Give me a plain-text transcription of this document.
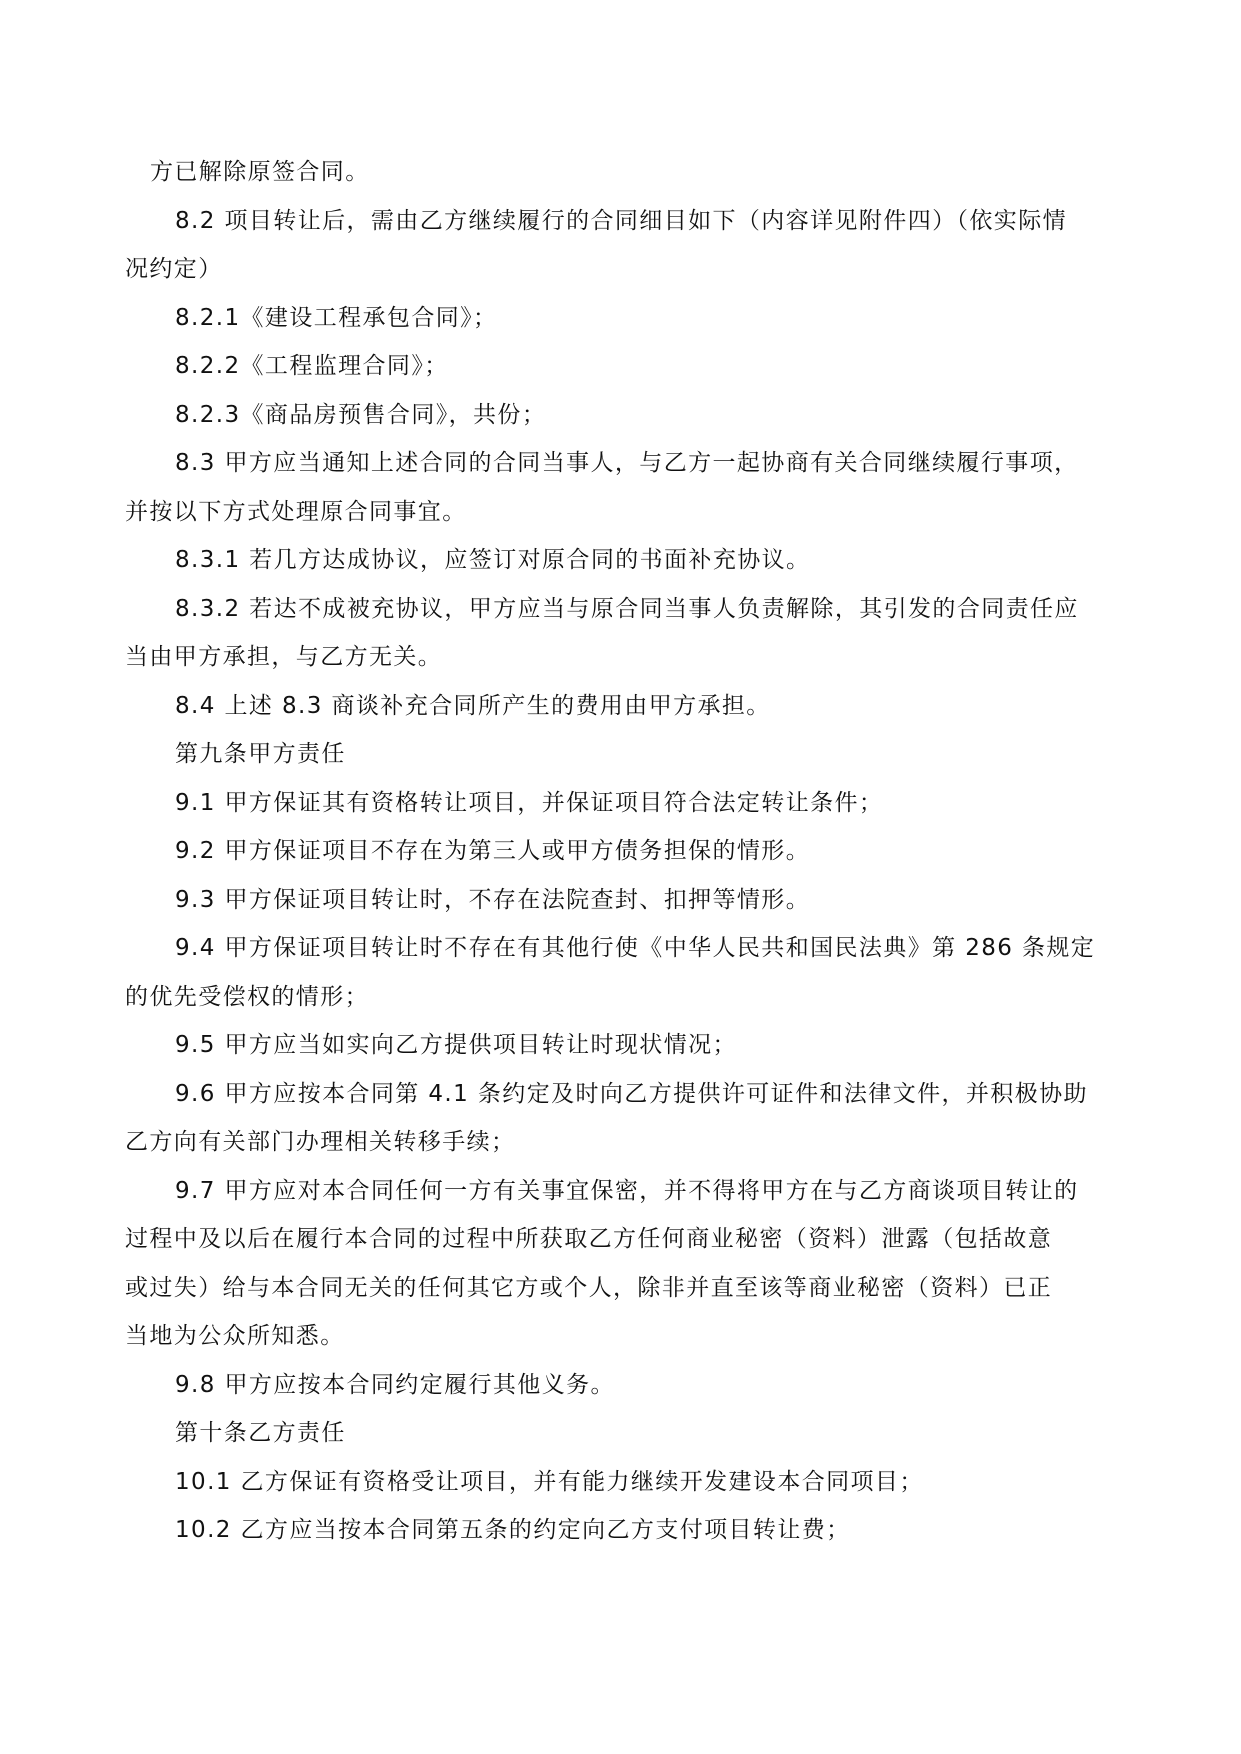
方已解除原签合同。
8.2 项目转让后，需由乙方继续履行的合同细目如下（内容详见附件四）（依实际情
况约定）
8.2.1《建设工程承包合同》；
8.2.2《工程监理合同》；
8.2.3《商品房预售合同》，共份；
8.3 甲方应当通知上述合同的合同当事人，与乙方一起协商有关合同继续履行事项，
并按以下方式处理原合同事宜。
8.3.1 若几方达成协议，应签订对原合同的书面补充协议。
8.3.2 若达不成被充协议，甲方应当与原合同当事人负责解除，其引发的合同责任应
当由甲方承担，与乙方无关。
8.4 上述 8.3 商谈补充合同所产生的费用由甲方承担。
第九条甲方责任
9.1 甲方保证其有资格转让项目，并保证项目符合法定转让条件；
9.2 甲方保证项目不存在为第三人或甲方债务担保的情形。
9.3 甲方保证项目转让时，不存在法院查封、扣押等情形。
9.4 甲方保证项目转让时不存在有其他行使《中华人民共和国民法典》第 286 条规定
的优先受偿权的情形；
9.5 甲方应当如实向乙方提供项目转让时现状情况；
9.6 甲方应按本合同第 4.1 条约定及时向乙方提供许可证件和法律文件，并积极协助
乙方向有关部门办理相关转移手续；
9.7 甲方应对本合同任何一方有关事宜保密，并不得将甲方在与乙方商谈项目转让的
过程中及以后在履行本合同的过程中所获取乙方任何商业秘密（资料）泄露（包括故意
或过失）给与本合同无关的任何其它方或个人，除非并直至该等商业秘密（资料）已正
当地为公众所知悉。
9.8 甲方应按本合同约定履行其他义务。
第十条乙方责任
10.1 乙方保证有资格受让项目，并有能力继续开发建设本合同项目；
10.2 乙方应当按本合同第五条的约定向乙方支付项目转让费；
